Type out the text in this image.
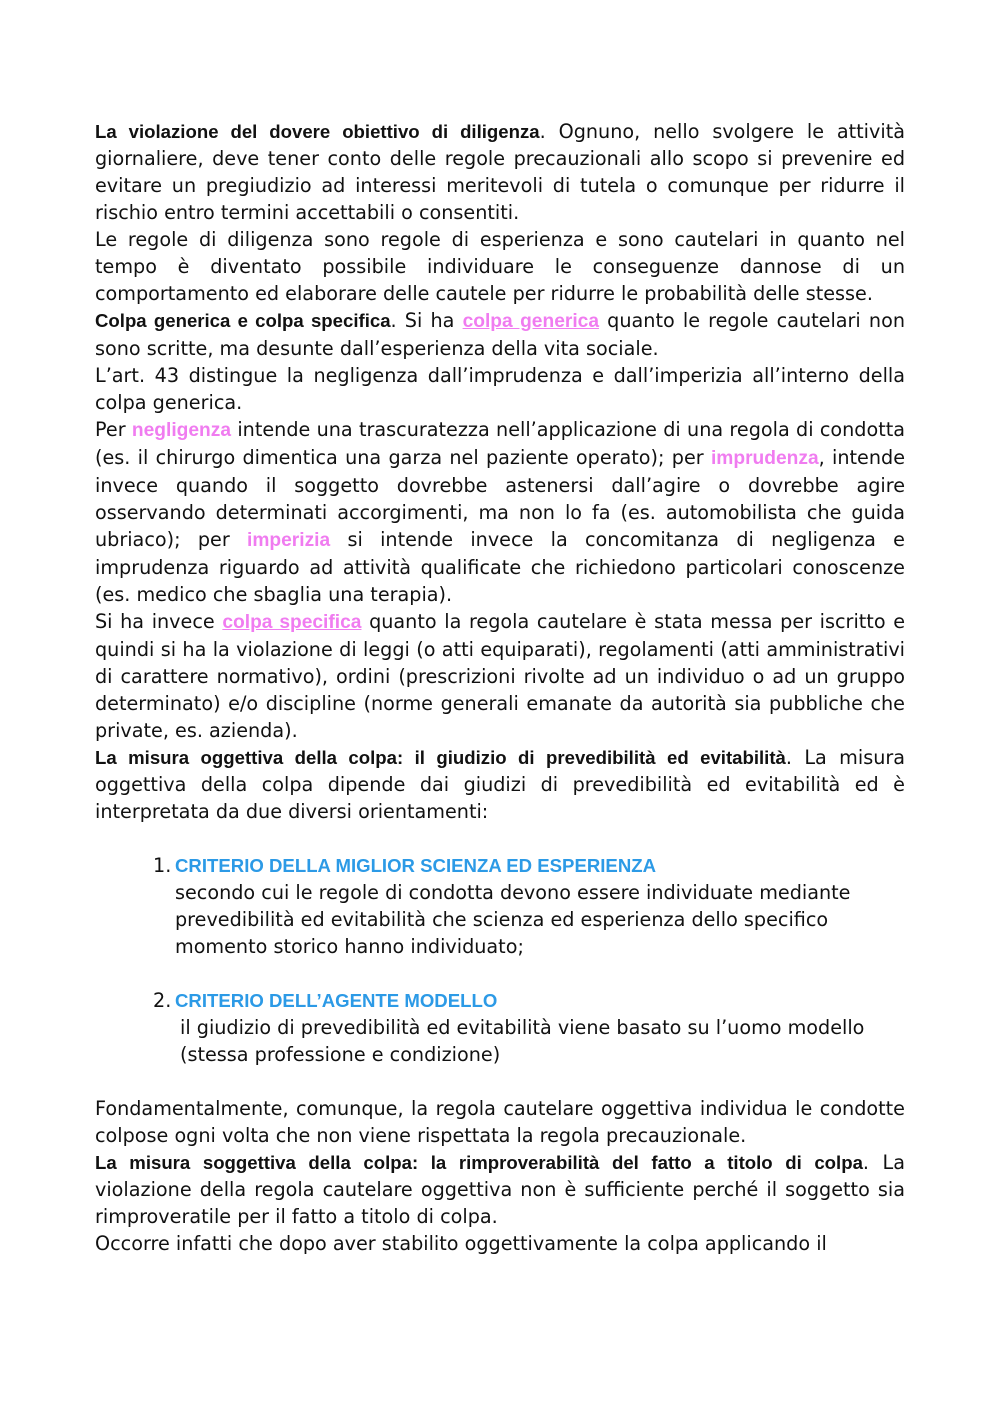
La violazione del dovere obiettivo di diligenza. Ognuno, nello svolgere le attività giornaliere, deve tener conto delle regole precauzionali allo scopo si prevenire ed evitare un pregiudizio ad interessi meritevoli di tutela o comunque per ridurre il rischio entro termini accettabili o consentiti.

Le regole di diligenza sono regole di esperienza e sono cautelari in quanto nel tempo è diventato possibile individuare le conseguenze dannose di un comportamento ed elaborare delle cautele per ridurre le probabilità delle stesse.

Colpa generica e colpa specifica. Si ha colpa generica quanto le regole cautelari non sono scritte, ma desunte dall’esperienza della vita sociale.

L’art. 43 distingue la negligenza dall’imprudenza e dall’imperizia all’interno della colpa generica.

Per negligenza intende una trascuratezza nell’applicazione di una regola di condotta (es. il chirurgo dimentica una garza nel paziente operato); per imprudenza, intende invece quando il soggetto dovrebbe astenersi dall’agire o dovrebbe agire osservando determinati accorgimenti, ma non lo fa (es. automobilista che guida ubriaco); per imperizia si intende invece la concomitanza di negligenza e imprudenza riguardo ad attività qualificate che richiedono particolari conoscenze (es. medico che sbaglia una terapia).

Si ha invece colpa specifica quanto la regola cautelare è stata messa per iscritto e quindi si ha la violazione di leggi (o atti equiparati), regolamenti (atti amministrativi di carattere normativo), ordini (prescrizioni rivolte ad un individuo o ad un gruppo determinato) e/o discipline (norme generali emanate da autorità sia pubbliche che private, es. azienda).

La misura oggettiva della colpa: il giudizio di prevedibilità ed evitabilità. La misura oggettiva della colpa dipende dai giudizi di prevedibilità ed evitabilità ed è interpretata da due diversi orientamenti:

1. CRITERIO DELLA MIGLIOR SCIENZA ED ESPERIENZA
secondo cui le regole di condotta devono essere individuate mediante prevedibilità ed evitabilità che scienza ed esperienza dello specifico momento storico hanno individuato;
2. CRITERIO DELL’AGENTE MODELLO
il giudizio di prevedibilità ed evitabilità viene basato su l’uomo modello (stessa professione e condizione)

Fondamentalmente, comunque, la regola cautelare oggettiva individua le condotte colpose ogni volta che non viene rispettata la regola precauzionale.

La misura soggettiva della colpa: la rimproverabilità del fatto a titolo di colpa. La violazione della regola cautelare oggettiva non è sufficiente perché il soggetto sia rimproveratile per il fatto a titolo di colpa.

Occorre infatti che dopo aver stabilito oggettivamente la colpa applicando il
